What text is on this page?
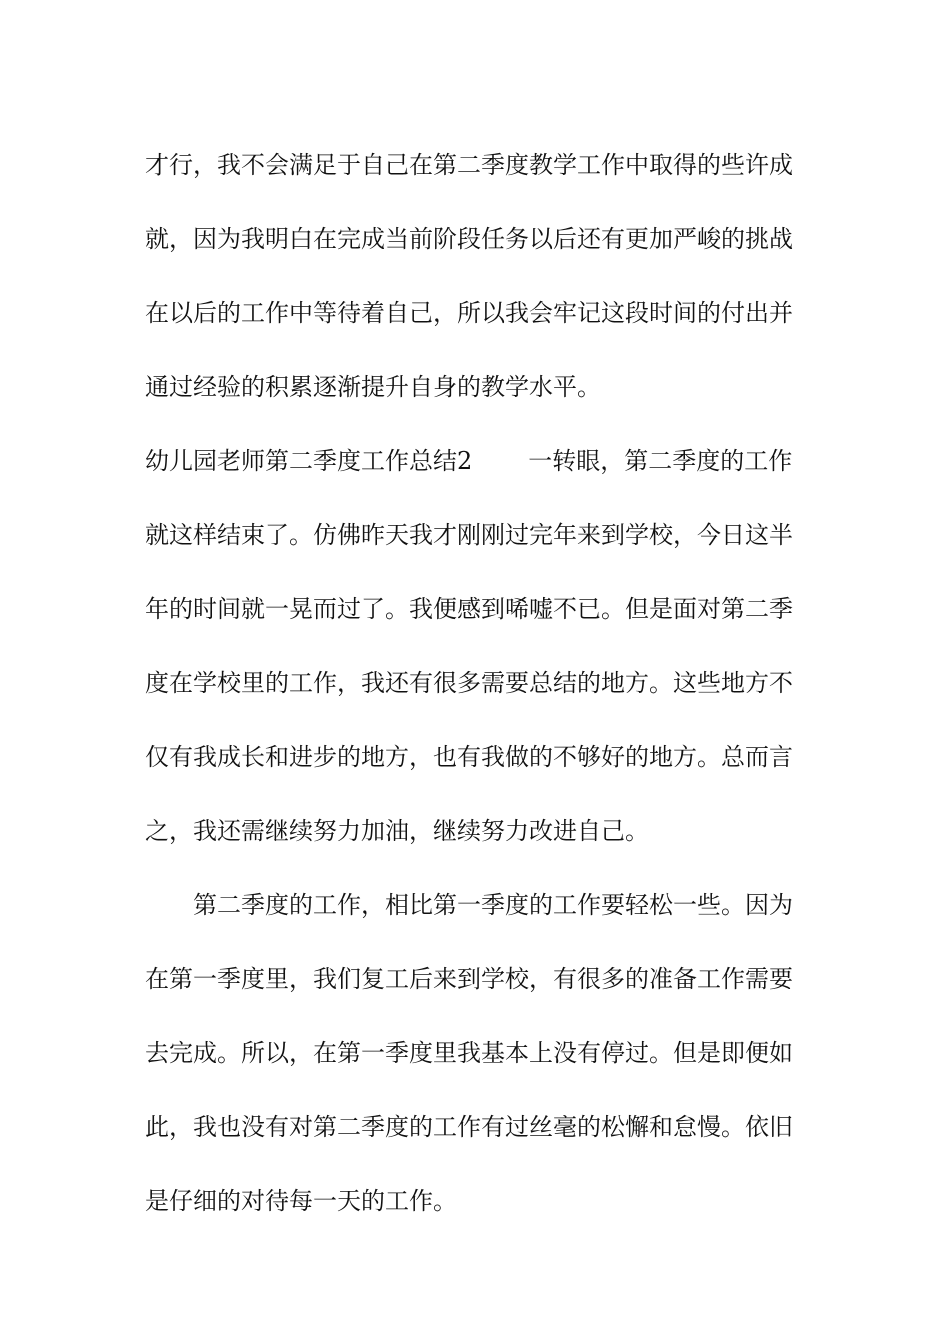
才行，我不会满足于自己在第二季度教学工作中取得的些许成
就，因为我明白在完成当前阶段任务以后还有更加严峻的挑战
在以后的工作中等待着自己，所以我会牢记这段时间的付出并
通过经验的积累逐渐提升自身的教学水平。
幼儿园老师第二季度工作总结2 一转眼，第二季度的工作
就这样结束了。仿佛昨天我才刚刚过完年来到学校，今日这半
年的时间就一晃而过了。我便感到唏嘘不已。但是面对第二季
度在学校里的工作，我还有很多需要总结的地方。这些地方不
仅有我成长和进步的地方，也有我做的不够好的地方。总而言
之，我还需继续努力加油，继续努力改进自己。
第二季度的工作，相比第一季度的工作要轻松一些。因为
在第一季度里，我们复工后来到学校，有很多的准备工作需要
去完成。所以，在第一季度里我基本上没有停过。但是即便如
此，我也没有对第二季度的工作有过丝毫的松懈和怠慢。依旧
是仔细的对待每一天的工作。
